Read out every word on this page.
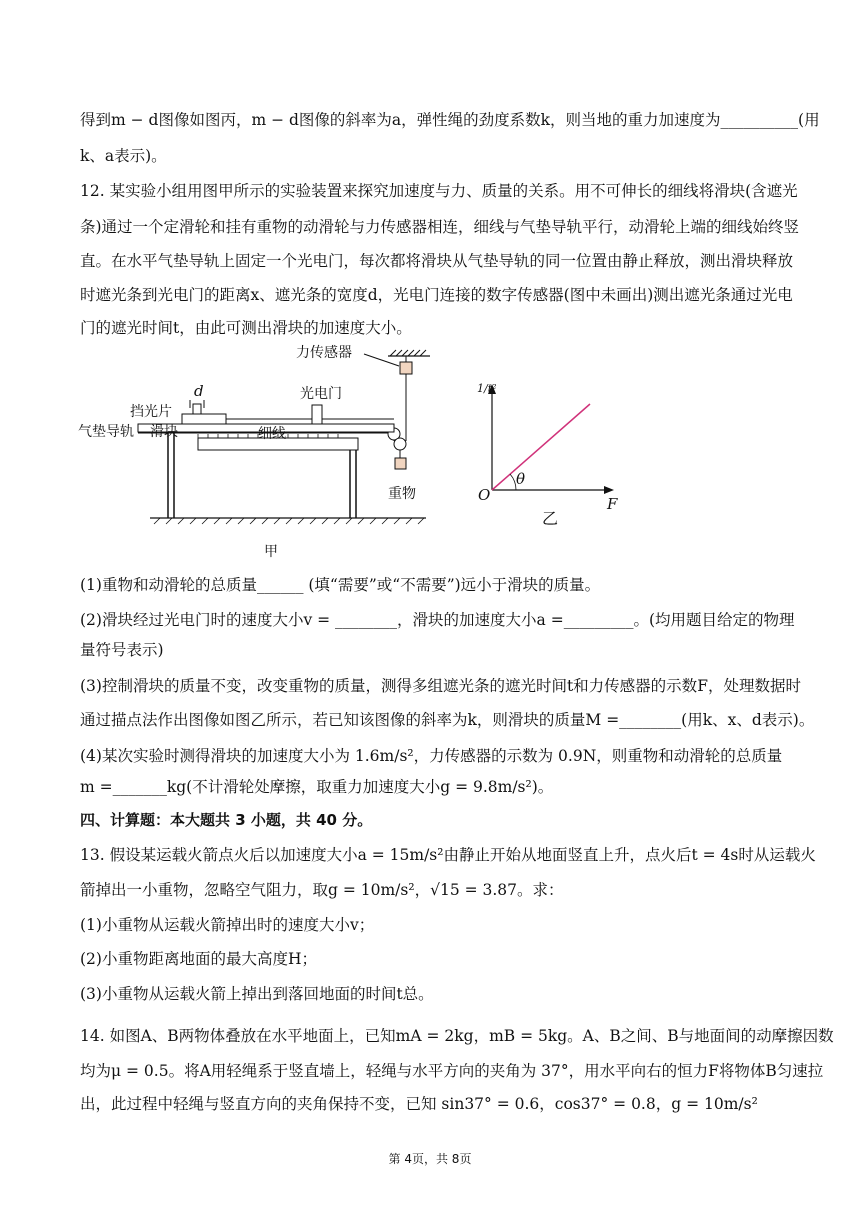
得到m − d图像如图丙，m − d图像的斜率为a，弹性绳的劲度系数k，则当地的重力加速度为__________(用
k、a表示)。
12. 某实验小组用图甲所示的实验装置来探究加速度与力、质量的关系。用不可伸长的细线将滑块(含遮光
条)通过一个定滑轮和挂有重物的动滑轮与力传感器相连，细线与气垫导轨平行，动滑轮上端的细线始终竖
直。在水平气垫导轨上固定一个光电门，每次都将滑块从气垫导轨的同一位置由静止释放，测出滑块释放
时遮光条到光电门的距离x、遮光条的宽度d，光电门连接的数字传感器(图中未画出)测出遮光条通过光电
门的遮光时间t，由此可测出滑块的加速度大小。
力传感器
重物
d	光电门
挡光片
气垫导轨 滑块	细线
甲
1/t²
F
O
θ
乙
(1)重物和动滑轮的总质量______ (填“需要”或“不需要”)远小于滑块的质量。
(2)滑块经过光电门时的速度大小v = ________，滑块的加速度大小a =_________。(均用题目给定的物理
量符号表示)
(3)控制滑块的质量不变，改变重物的质量，测得多组遮光条的遮光时间t和力传感器的示数F，处理数据时
通过描点法作出图像如图乙所示，若已知该图像的斜率为k，则滑块的质量M =________(用k、x、d表示)。
(4)某次实验时测得滑块的加速度大小为 1.6m/s²，力传感器的示数为 0.9N，则重物和动滑轮的总质量
m =_______kg(不计滑轮处摩擦，取重力加速度大小g = 9.8m/s²)。
四、计算题：本大题共 3 小题，共 40 分。
13. 假设某运载火箭点火后以加速度大小a = 15m/s²由静止开始从地面竖直上升，点火后t = 4s时从运载火
箭掉出一小重物，忽略空气阻力，取g = 10m/s²，√15 = 3.87。求：
(1)小重物从运载火箭掉出时的速度大小v；
(2)小重物距离地面的最大高度H；
(3)小重物从运载火箭上掉出到落回地面的时间t总。
14. 如图A、B两物体叠放在水平地面上，已知mA = 2kg，mB = 5kg。A、B之间、B与地面间的动摩擦因数
均为μ = 0.5。将A用轻绳系于竖直墙上，轻绳与水平方向的夹角为 37°，用水平向右的恒力F将物体B匀速拉
出，此过程中轻绳与竖直方向的夹角保持不变，已知 sin37° = 0.6，cos37° = 0.8，g = 10m/s²
第 4页，共 8页
